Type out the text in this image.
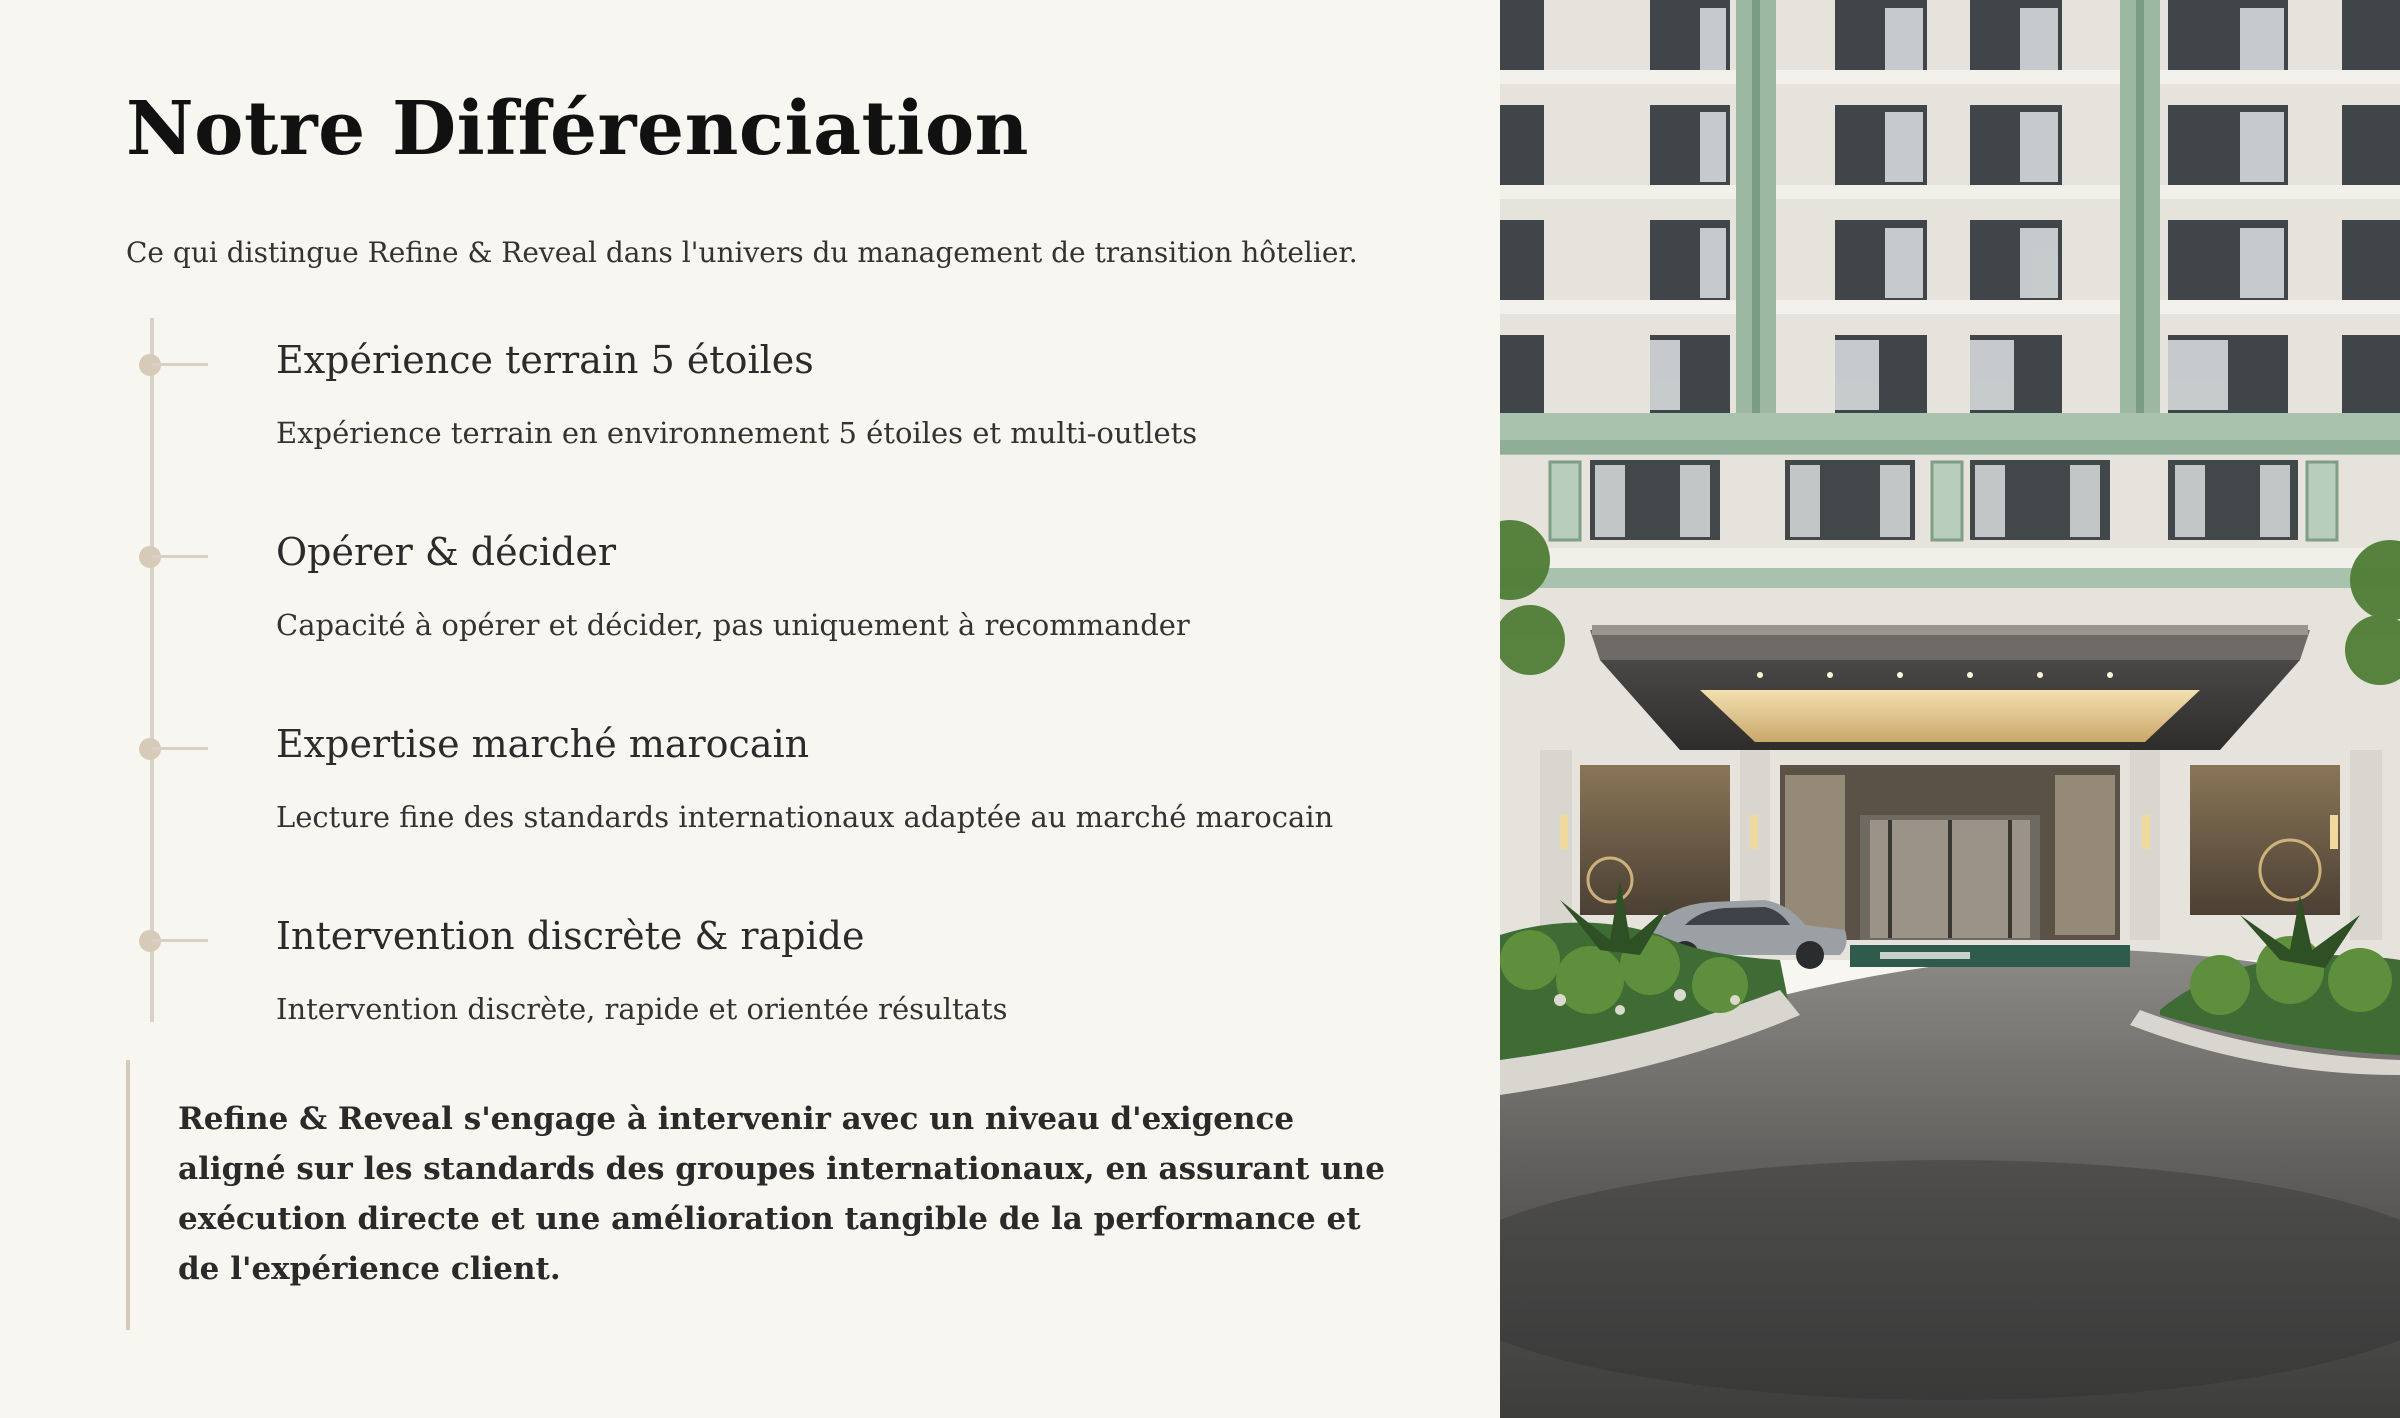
Notre Différenciation
Ce qui distingue Refine & Reveal dans l'univers du management de transition hôtelier.
Expérience terrain 5 étoiles
Expérience terrain en environnement 5 étoiles et multi-outlets
Opérer & décider
Capacité à opérer et décider, pas uniquement à recommander
Expertise marché marocain
Lecture fine des standards internationaux adaptée au marché marocain
Intervention discrète & rapide
Intervention discrète, rapide et orientée résultats
Refine & Reveal s'engage à intervenir avec un niveau d'exigence aligné sur les standards des groupes internationaux, en assurant une exécution directe et une amélioration tangible de la performance et de l'expérience client.
